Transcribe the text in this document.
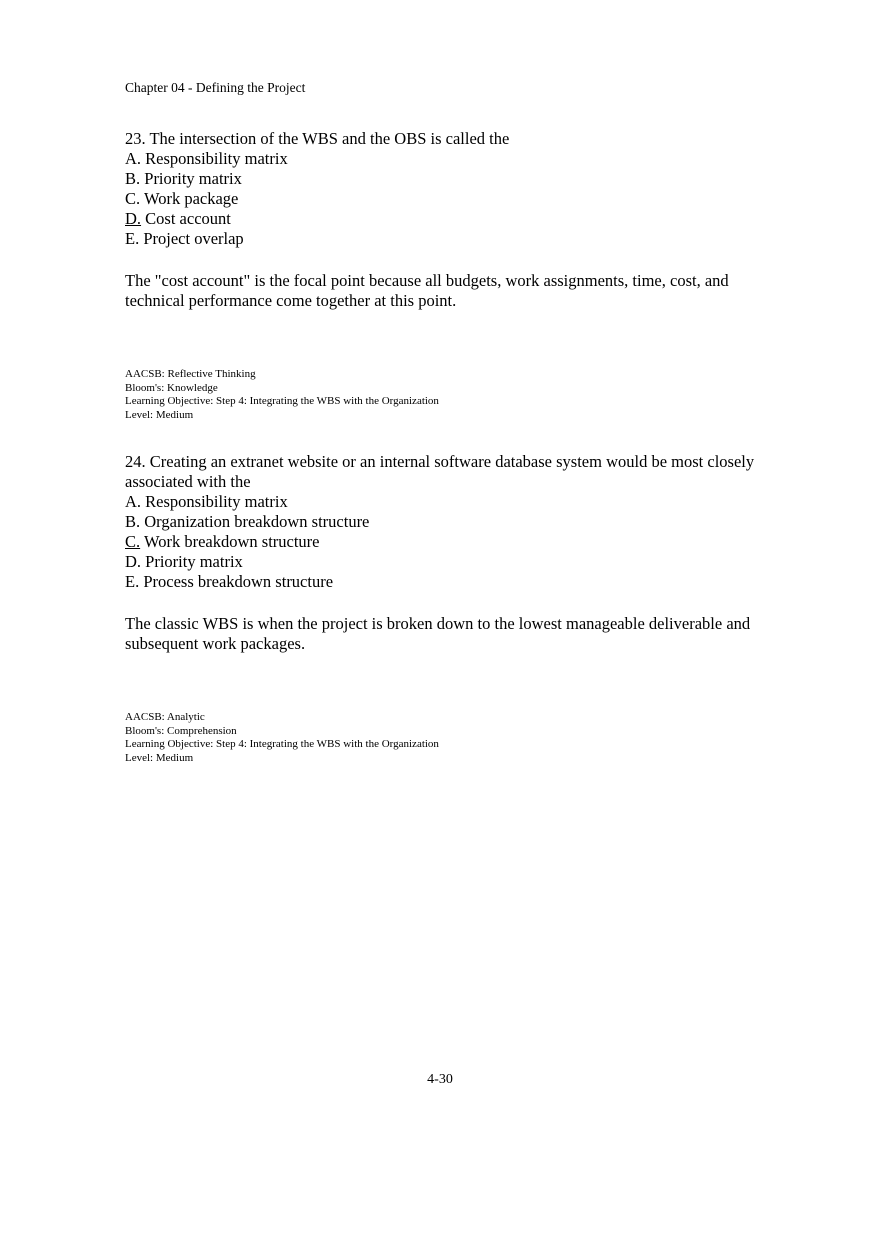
Chapter 04 - Defining the Project
23. The intersection of the WBS and the OBS is called the
A. Responsibility matrix
B. Priority matrix
C. Work package
D. Cost account
E. Project overlap
The "cost account" is the focal point because all budgets, work assignments, time, cost, and technical performance come together at this point.
AACSB: Reflective Thinking
Bloom's: Knowledge
Learning Objective: Step 4: Integrating the WBS with the Organization
Level: Medium
24. Creating an extranet website or an internal software database system would be most closely associated with the
A. Responsibility matrix
B. Organization breakdown structure
C. Work breakdown structure
D. Priority matrix
E. Process breakdown structure
The classic WBS is when the project is broken down to the lowest manageable deliverable and subsequent work packages.
AACSB: Analytic
Bloom's: Comprehension
Learning Objective: Step 4: Integrating the WBS with the Organization
Level: Medium
4-30
